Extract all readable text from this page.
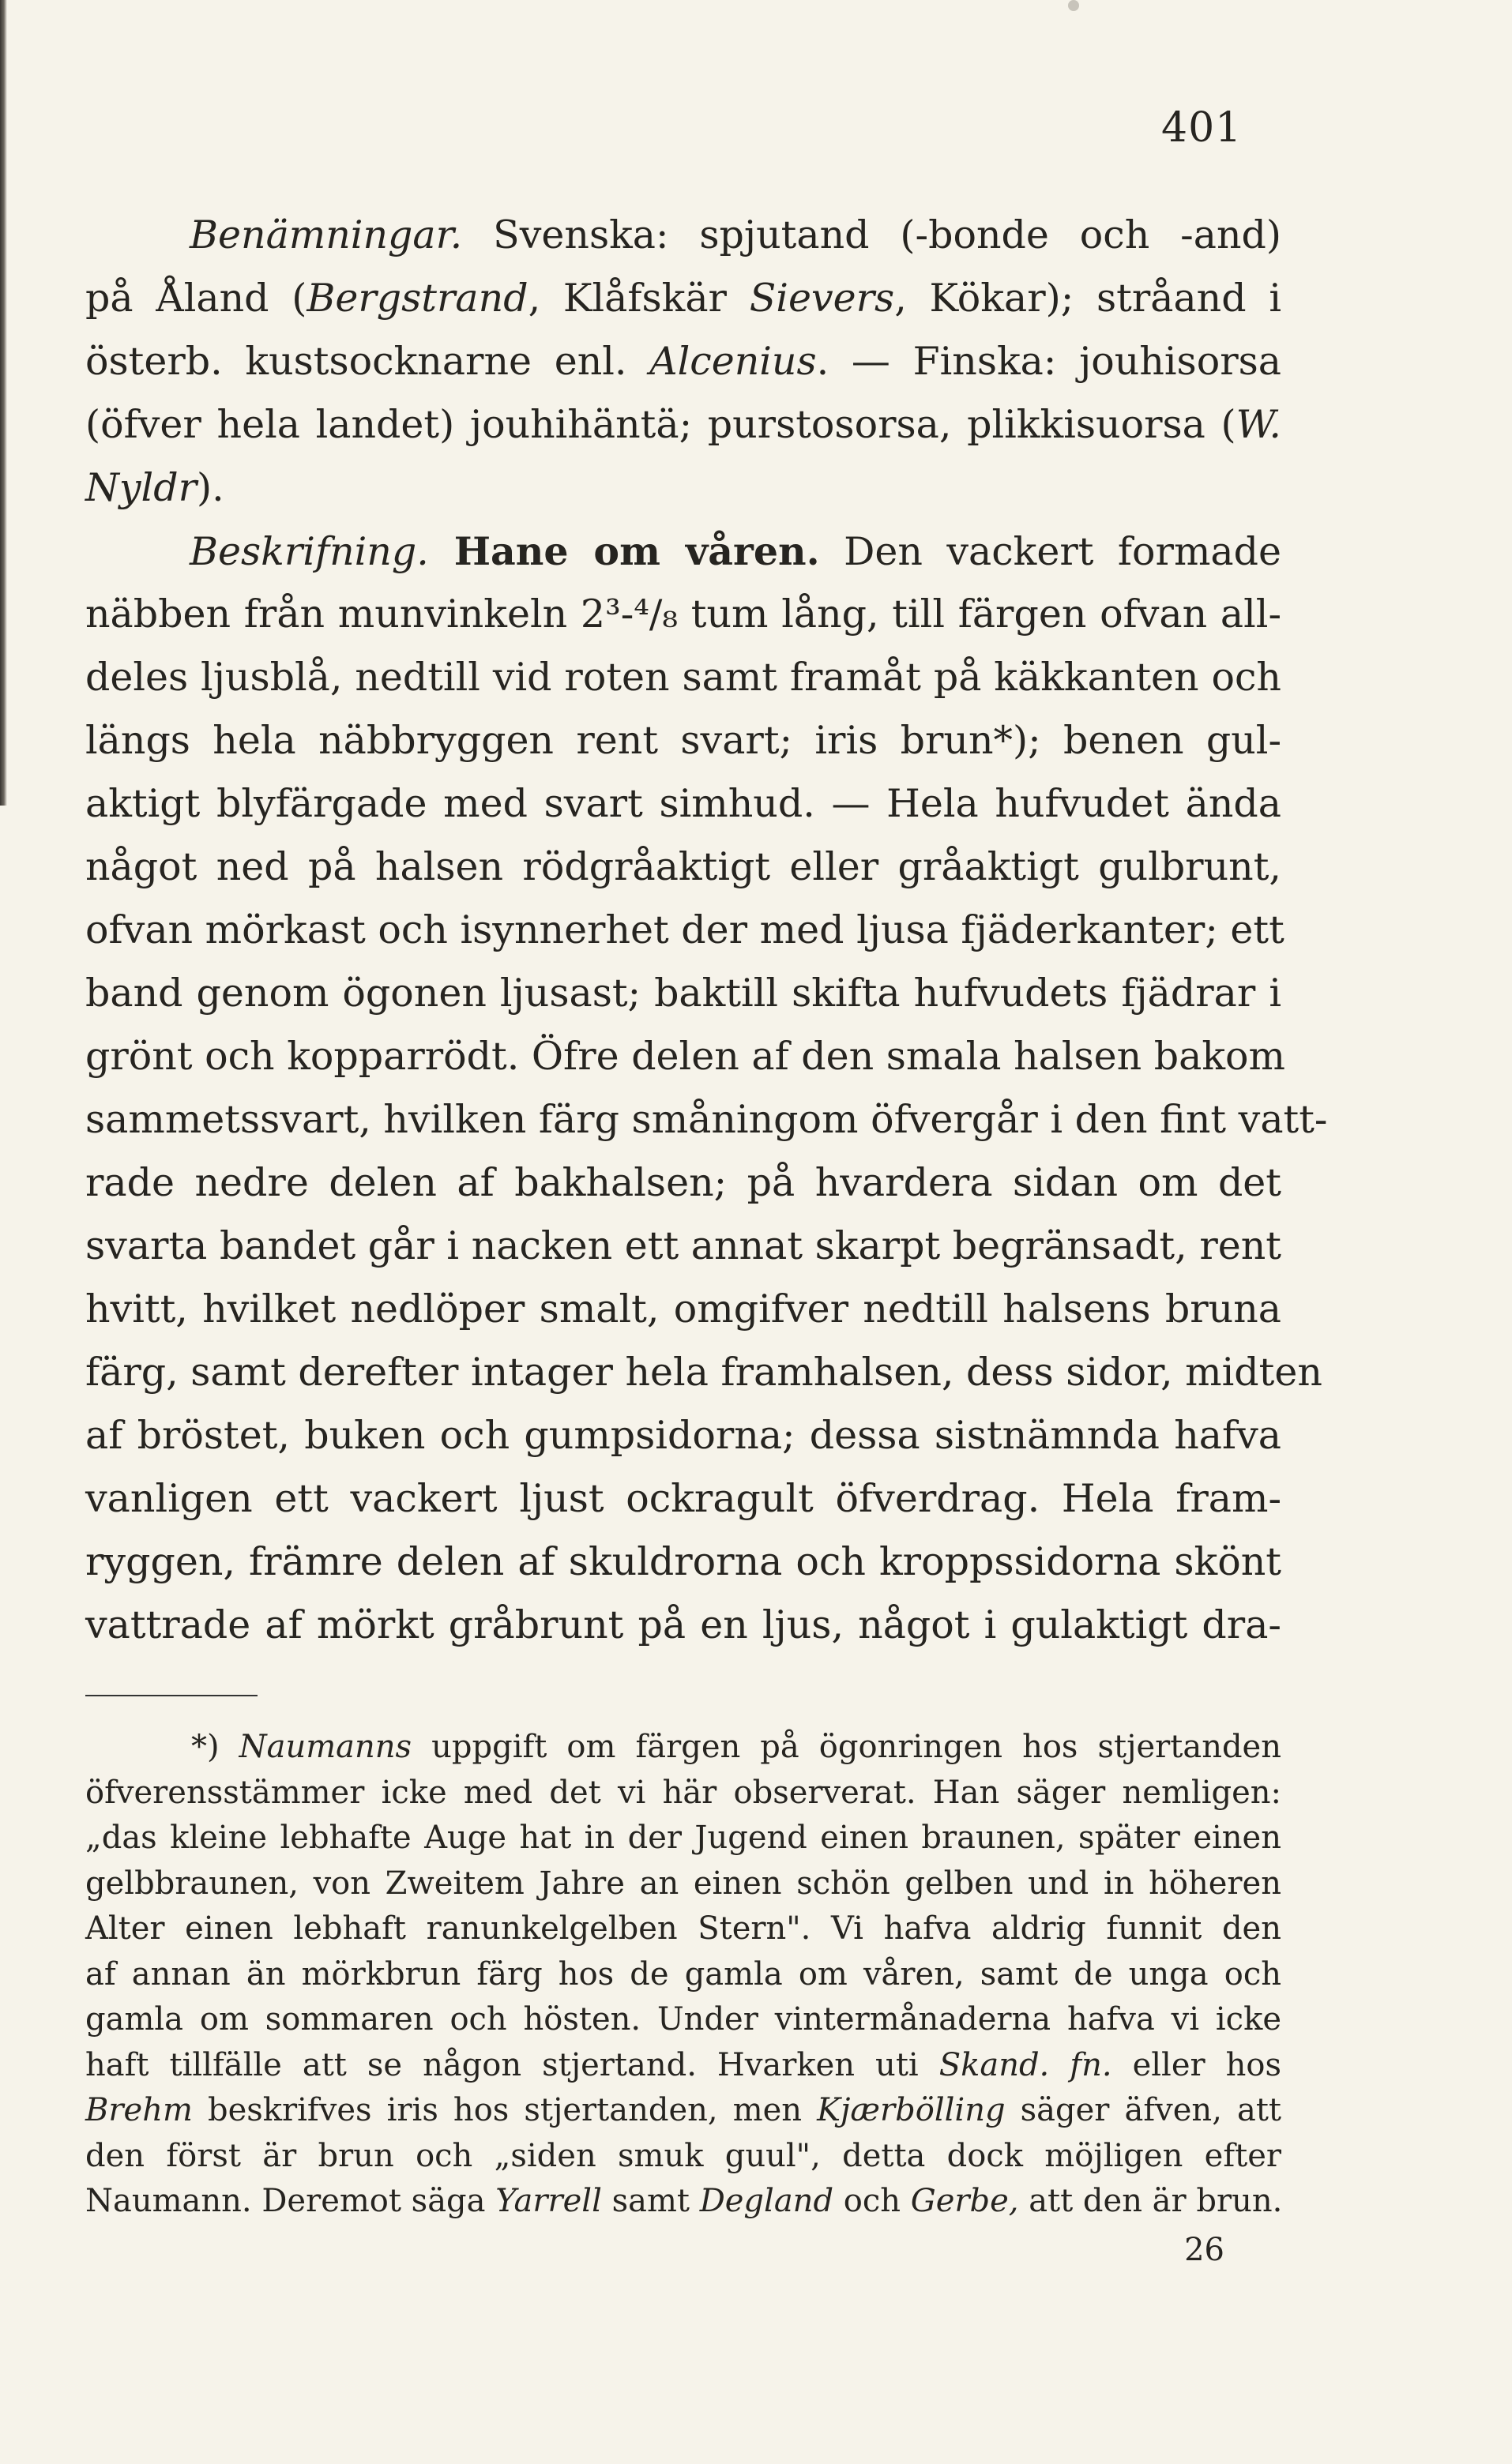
401
Benämningar. Svenska: spjutand (-bonde och -and)
på Åland (Bergstrand, Klåfskär Sievers, Kökar); stråand i
österb. kustsocknarne enl. Alcenius. — Finska: jouhisorsa
(öfver hela landet) jouhihäntä; purstosorsa, plikkisuorsa (W.
Nyldr).
Beskrifning. Hane om våren. Den vackert formade
näbben från munvinkeln 2³-⁴/₈ tum lång, till färgen ofvan all-
deles ljusblå, nedtill vid roten samt framåt på käkkanten och
längs hela näbbryggen rent svart; iris brun*); benen gul-
aktigt blyfärgade med svart simhud. — Hela hufvudet ända
något ned på halsen rödgråaktigt eller gråaktigt gulbrunt,
ofvan mörkast och isynnerhet der med ljusa fjäderkanter; ett
band genom ögonen ljusast; baktill skifta hufvudets fjädrar i
grönt och kopparrödt. Öfre delen af den smala halsen bakom
sammetssvart, hvilken färg småningom öfvergår i den fint vatt-
rade nedre delen af bakhalsen; på hvardera sidan om det
svarta bandet går i nacken ett annat skarpt begränsadt, rent
hvitt, hvilket nedlöper smalt, omgifver nedtill halsens bruna
färg, samt derefter intager hela framhalsen, dess sidor, midten
af bröstet, buken och gumpsidorna; dessa sistnämnda hafva
vanligen ett vackert ljust ockragult öfverdrag. Hela fram-
ryggen, främre delen af skuldrorna och kroppssidorna skönt
vattrade af mörkt gråbrunt på en ljus, något i gulaktigt dra-
*) Naumanns uppgift om färgen på ögonringen hos stjertanden
öfverensstämmer icke med det vi här observerat. Han säger nemligen:
„das kleine lebhafte Auge hat in der Jugend einen braunen, später einen
gelbbraunen, von Zweitem Jahre an einen schön gelben und in höheren
Alter einen lebhaft ranunkelgelben Stern". Vi hafva aldrig funnit den
af annan än mörkbrun färg hos de gamla om våren, samt de unga och
gamla om sommaren och hösten. Under vintermånaderna hafva vi icke
haft tillfälle att se någon stjertand. Hvarken uti Skand. fn. eller hos
Brehm beskrifves iris hos stjertanden, men Kjærbölling säger äfven, att
den först är brun och „siden smuk guul", detta dock möjligen efter
Naumann. Deremot säga Yarrell samt Degland och Gerbe, att den är brun.
26
